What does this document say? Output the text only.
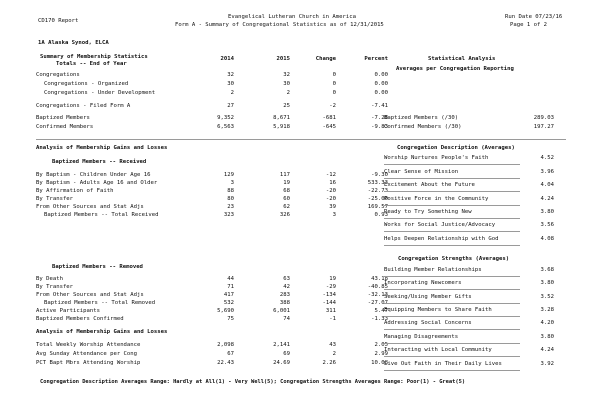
CD170 Report
Evangelical Lutheran Church in America
Form A - Summary of Congregational Statistics as of 12/31/2015
Run Date 07/23/16
Page 1 of 2
1A Alaska Synod, ELCA
Summary of Membership Statistics
Totals -- End of Year
Statistical Analysis
Averages per Congregation Reporting
Analysis of Membership Gains and Losses
Baptized Members -- Received
Baptized Members -- Removed
Analysis of Membership Gains and Losses
Congregation Description (Averages)
Congregation Strengths (Averages)
Congregation Description Averages Range: Hardly at All(1) - Very Well(5); Congregation Strengths Averages Range: Poor(1) - Great(5)
2014	2015	Change	Percent
Congregations	32	32	0	0.00
Congregations - Organized	30	30	0	0.00
Congregations - Under Development	2	2	0	0.00
Congregations - Filed Form A	27	25	-2	-7.41
Baptized Members	9,352	8,671	-681	-7.28
Confirmed Members	6,563	5,918	-645	-9.83
Baptized Members (/30)	289.03
Confirmed Members (/30)	197.27
By Baptism - Children Under Age 16	129	117	-12	-9.30
By Baptism - Adults Age 16 and Older	3	19	16	533.33
By Affirmation of Faith	88	68	-20	-22.73
By Transfer	80	60	-20	-25.00
From Other Sources and Stat Adjs	23	62	39	169.57
Baptized Members -- Total Received	323	326	3	0.93
By Death	44	63	19	43.18
By Transfer	71	42	-29	-40.85
From Other Sources and Stat Adjs	417	283	-134	-32.13
Baptized Members -- Total Removed	532	388	-144	-27.07
Baptized Members Confirmed	75	74	-1	-1.33
Active Participants	5,690	6,001	311	5.47
Total Weekly Worship Attendance	2,098	2,141	43	2.05
Avg Sunday Attendance per Cong	67	69	2	2.99
PCT Bapt Mbrs Attending Worship	22.43	24.69	2.26	10.08
Worship Nurtures People's Faith	4.52
Clear Sense of Mission	3.96
Excitement About the Future	4.04
Positive Force in the Community	4.24
Ready to Try Something New	3.80
Works for Social Justice/Advocacy	3.56
Helps Deepen Relationship with God	4.08
Building Member Relationships	3.68
Incorporating Newcomers	3.80
Seeking/Using Member Gifts	3.52
Equipping Members to Share Faith	3.28
Addressing Social Concerns	4.20
Managing Disagreements	3.80
Interacting with Local Community	4.24
Live Out Faith in Their Daily Lives	3.92
